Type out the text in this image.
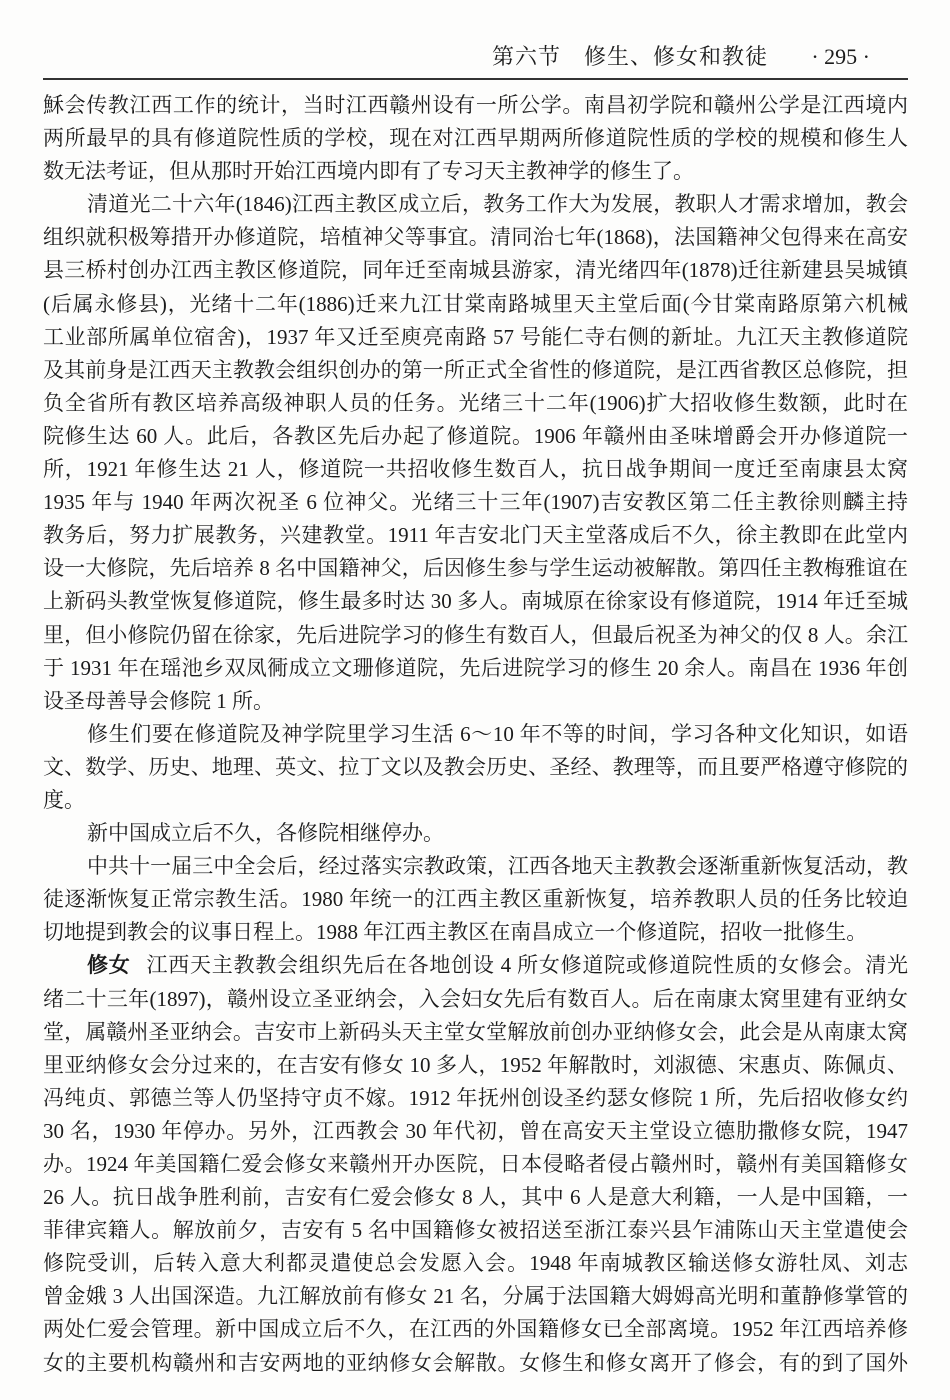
第六节　修生、修女和教徒 · 295 ·
穌会传教江西工作的统计，当时江西赣州设有一所公学。南昌初学院和赣州公学是江西境内
两所最早的具有修道院性质的学校，现在对江西早期两所修道院性质的学校的规模和修生人
数无法考证，但从那时开始江西境内即有了专习天主教神学的修生了。
清道光二十六年(1846)江西主教区成立后，教务工作大为发展，教职人才需求增加，教会
组织就积极筹措开办修道院，培植神父等事宜。清同治七年(1868)，法国籍神父包得来在高安
县三桥村创办江西主教区修道院，同年迁至南城县游家，清光绪四年(1878)迁往新建县吴城镇
(后属永修县)，光绪十二年(1886)迁来九江甘棠南路城里天主堂后面(今甘棠南路原第六机械
工业部所属单位宿舍)，1937 年又迁至庾亮南路 57 号能仁寺右侧的新址。九江天主教修道院
及其前身是江西天主教教会组织创办的第一所正式全省性的修道院，是江西省教区总修院，担
负全省所有教区培养高级神职人员的任务。光绪三十二年(1906)扩大招收修生数额，此时在
院修生达 60 人。此后，各教区先后办起了修道院。1906 年赣州由圣味增爵会开办修道院一
所，1921 年修生达 21 人，修道院一共招收修生数百人，抗日战争期间一度迁至南康县太窝
1935 年与 1940 年两次祝圣 6 位神父。光绪三十三年(1907)吉安教区第二任主教徐则麟主持
教务后，努力扩展教务，兴建教堂。1911 年吉安北门天主堂落成后不久，徐主教即在此堂内
设一大修院，先后培养 8 名中国籍神父，后因修生参与学生运动被解散。第四任主教梅雅谊在
上新码头教堂恢复修道院，修生最多时达 30 多人。南城原在徐家设有修道院，1914 年迁至城
里，但小修院仍留在徐家，先后进院学习的修生有数百人，但最后祝圣为神父的仅 8 人。余江
于 1931 年在瑶池乡双凤衕成立文珊修道院，先后进院学习的修生 20 余人。南昌在 1936 年创
设圣母善导会修院 1 所。
修生们要在修道院及神学院里学习生活 6～10 年不等的时间，学习各种文化知识，如语
文、数学、历史、地理、英文、拉丁文以及教会历史、圣经、教理等，而且要严格遵守修院的
度。
新中国成立后不久，各修院相继停办。
中共十一届三中全会后，经过落实宗教政策，江西各地天主教教会逐渐重新恢复活动，教
徒逐渐恢复正常宗教生活。1980 年统一的江西主教区重新恢复，培养教职人员的任务比较迫
切地提到教会的议事日程上。1988 年江西主教区在南昌成立一个修道院，招收一批修生。
修女 江西天主教教会组织先后在各地创设 4 所女修道院或修道院性质的女修会。清光
绪二十三年(1897)，赣州设立圣亚纳会，入会妇女先后有数百人。后在南康太窝里建有亚纳女
堂，属赣州圣亚纳会。吉安市上新码头天主堂女堂解放前创办亚纳修女会，此会是从南康太窝
里亚纳修女会分过来的，在吉安有修女 10 多人，1952 年解散时，刘淑德、宋惠贞、陈佩贞、
冯纯贞、郭德兰等人仍坚持守贞不嫁。1912 年抚州创设圣约瑟女修院 1 所，先后招收修女约
30 名，1930 年停办。另外，江西教会 30 年代初，曾在高安天主堂设立德肋撒修女院，1947
办。1924 年美国籍仁爱会修女来赣州开办医院，日本侵略者侵占赣州时，赣州有美国籍修女
26 人。抗日战争胜利前，吉安有仁爱会修女 8 人，其中 6 人是意大利籍，一人是中国籍，一
菲律宾籍人。解放前夕，吉安有 5 名中国籍修女被招送至浙江泰兴县乍浦陈山天主堂遣使会
修院受训，后转入意大利都灵遣使总会发愿入会。1948 年南城教区输送修女游牡凤、刘志
曾金娥 3 人出国深造。九江解放前有修女 21 名，分属于法国籍大姆姆高光明和董静修掌管的
两处仁爱会管理。新中国成立后不久，在江西的外国籍修女已全部离境。1952 年江西培养修
女的主要机构赣州和吉安两地的亚纳修女会解散。女修生和修女离开了修会，有的到了国外
